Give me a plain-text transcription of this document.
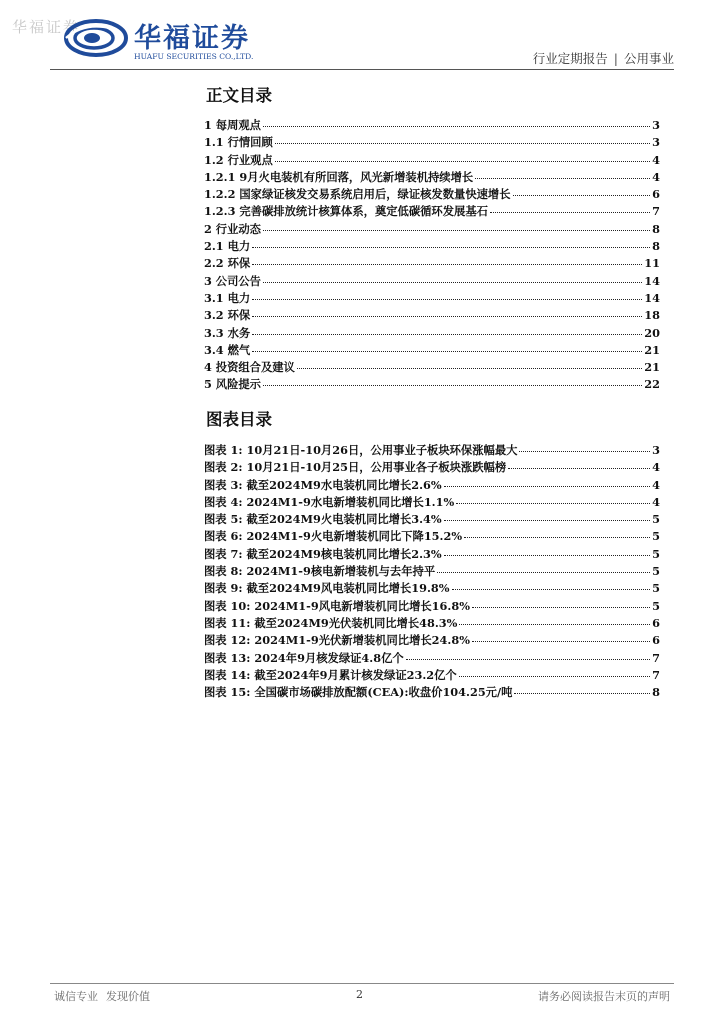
华福证券 华福证券
HUAFU SECURITIES CO.,LTD.	行业定期报告 | 公用事业
正文目录
1 每周观点	3
1.1 行情回顾	3
1.2 行业观点	4
1.2.1 9月火电装机有所回落，风光新增装机持续增长	4
1.2.2 国家绿证核发交易系统启用后，绿证核发数量快速增长	6
1.2.3 完善碳排放统计核算体系，奠定低碳循环发展基石	7
2 行业动态	8
2.1 电力	8
2.2 环保	11
3 公司公告	14
3.1 电力	14
3.2 环保	18
3.3 水务	20
3.4 燃气	21
4 投资组合及建议	21
5 风险提示	22
图表目录
图表 1: 10月21日-10月26日，公用事业子板块环保涨幅最大	3
图表 2: 10月21日-10月25日，公用事业各子板块涨跌幅榜	4
图表 3: 截至2024M9水电装机同比增长2.6%	4
图表 4: 2024M1-9水电新增装机同比增长1.1%	4
图表 5: 截至2024M9火电装机同比增长3.4%	5
图表 6: 2024M1-9火电新增装机同比下降15.2%	5
图表 7: 截至2024M9核电装机同比增长2.3%	5
图表 8: 2024M1-9核电新增装机与去年持平	5
图表 9: 截至2024M9风电装机同比增长19.8%	5
图表 10: 2024M1-9风电新增装机同比增长16.8%	5
图表 11: 截至2024M9光伏装机同比增长48.3%	6
图表 12: 2024M1-9光伏新增装机同比增长24.8%	6
图表 13: 2024年9月核发绿证4.8亿个	7
图表 14: 截至2024年9月累计核发绿证23.2亿个	7
图表 15: 全国碳市场碳排放配额(CEA):收盘价104.25元/吨	8
诚信专业 发现价值	2	请务必阅读报告末页的声明
